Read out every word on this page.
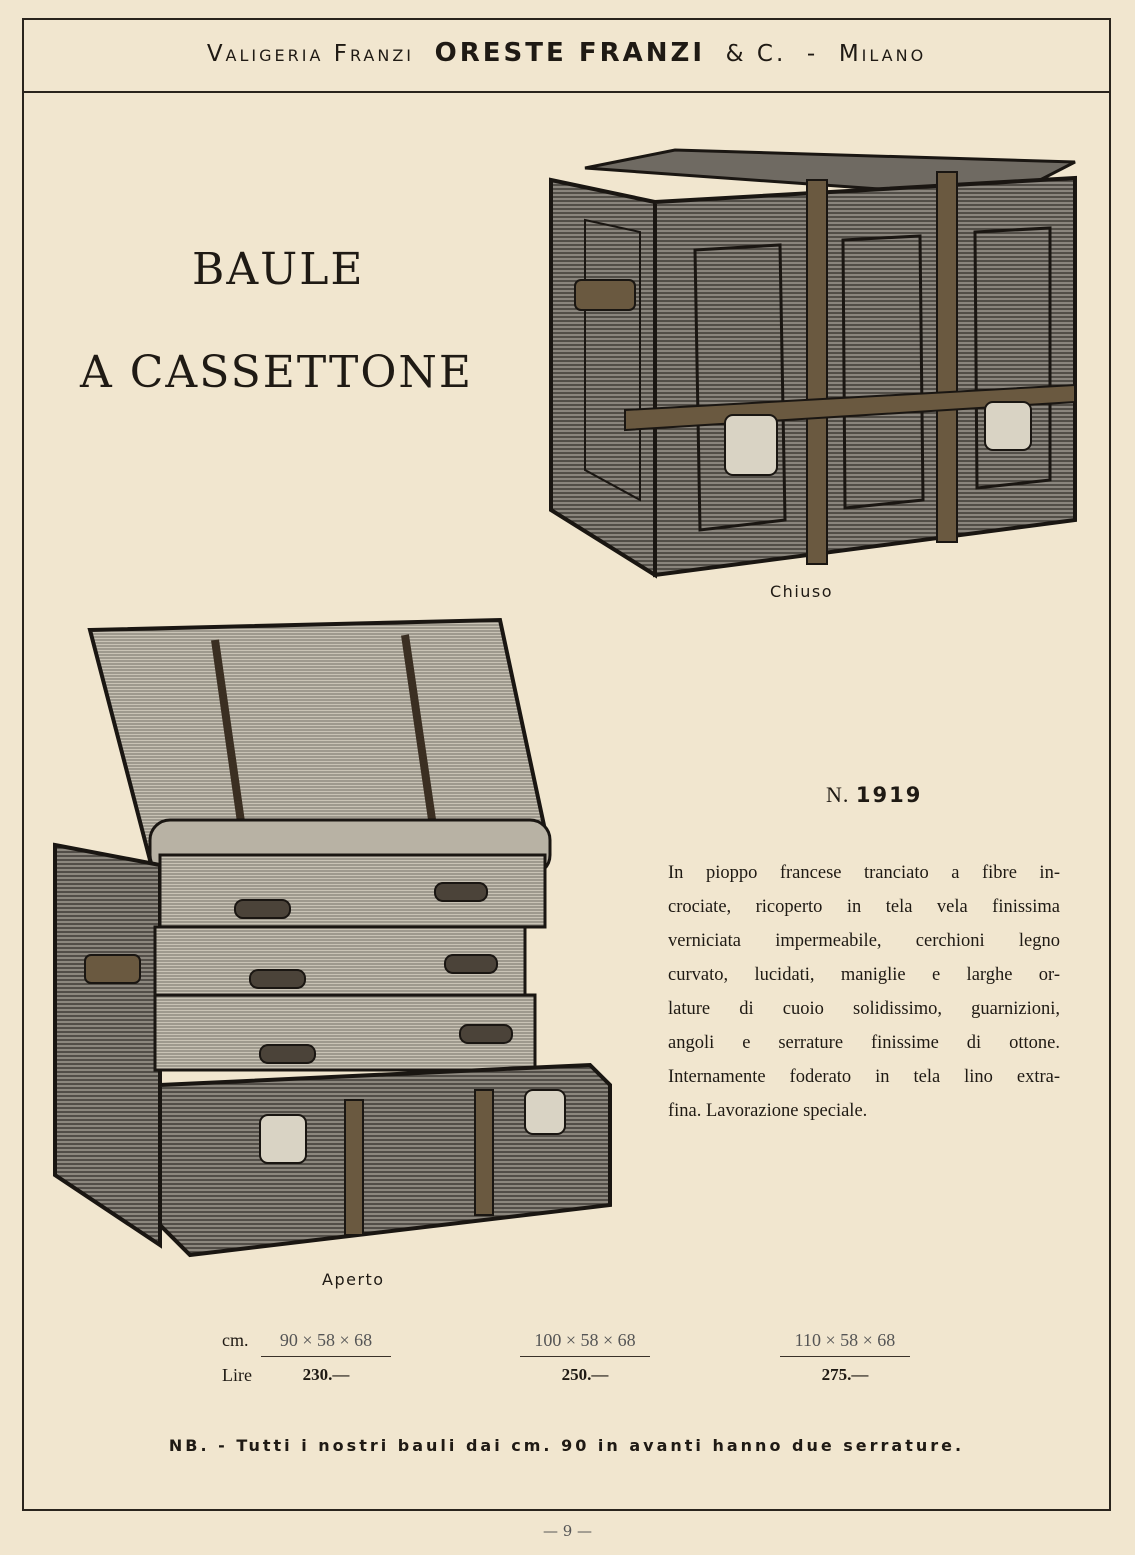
Valigeria Franzi ORESTE FRANZI & C. - Milano
BAULE
A CASSETTONE
Chiuso
Aperto
N. 1919
In pioppo francese tranciato a fibre in-
crociate, ricoperto in tela vela finissima
verniciata impermeabile, cerchioni legno
curvato, lucidati, maniglie e larghe or-
lature di cuoio solidissimo, guarnizioni,
angoli e serrature finissime di ottone.
Internamente foderato in tela lino extra-
fina. Lavorazione speciale.
cm.
Lire
90 × 58 × 68
230.—
100 × 58 × 68
250.—
110 × 58 × 68
275.—
NB. - Tutti i nostri bauli dai cm. 90 in avanti hanno due serrature.
— 9 —
